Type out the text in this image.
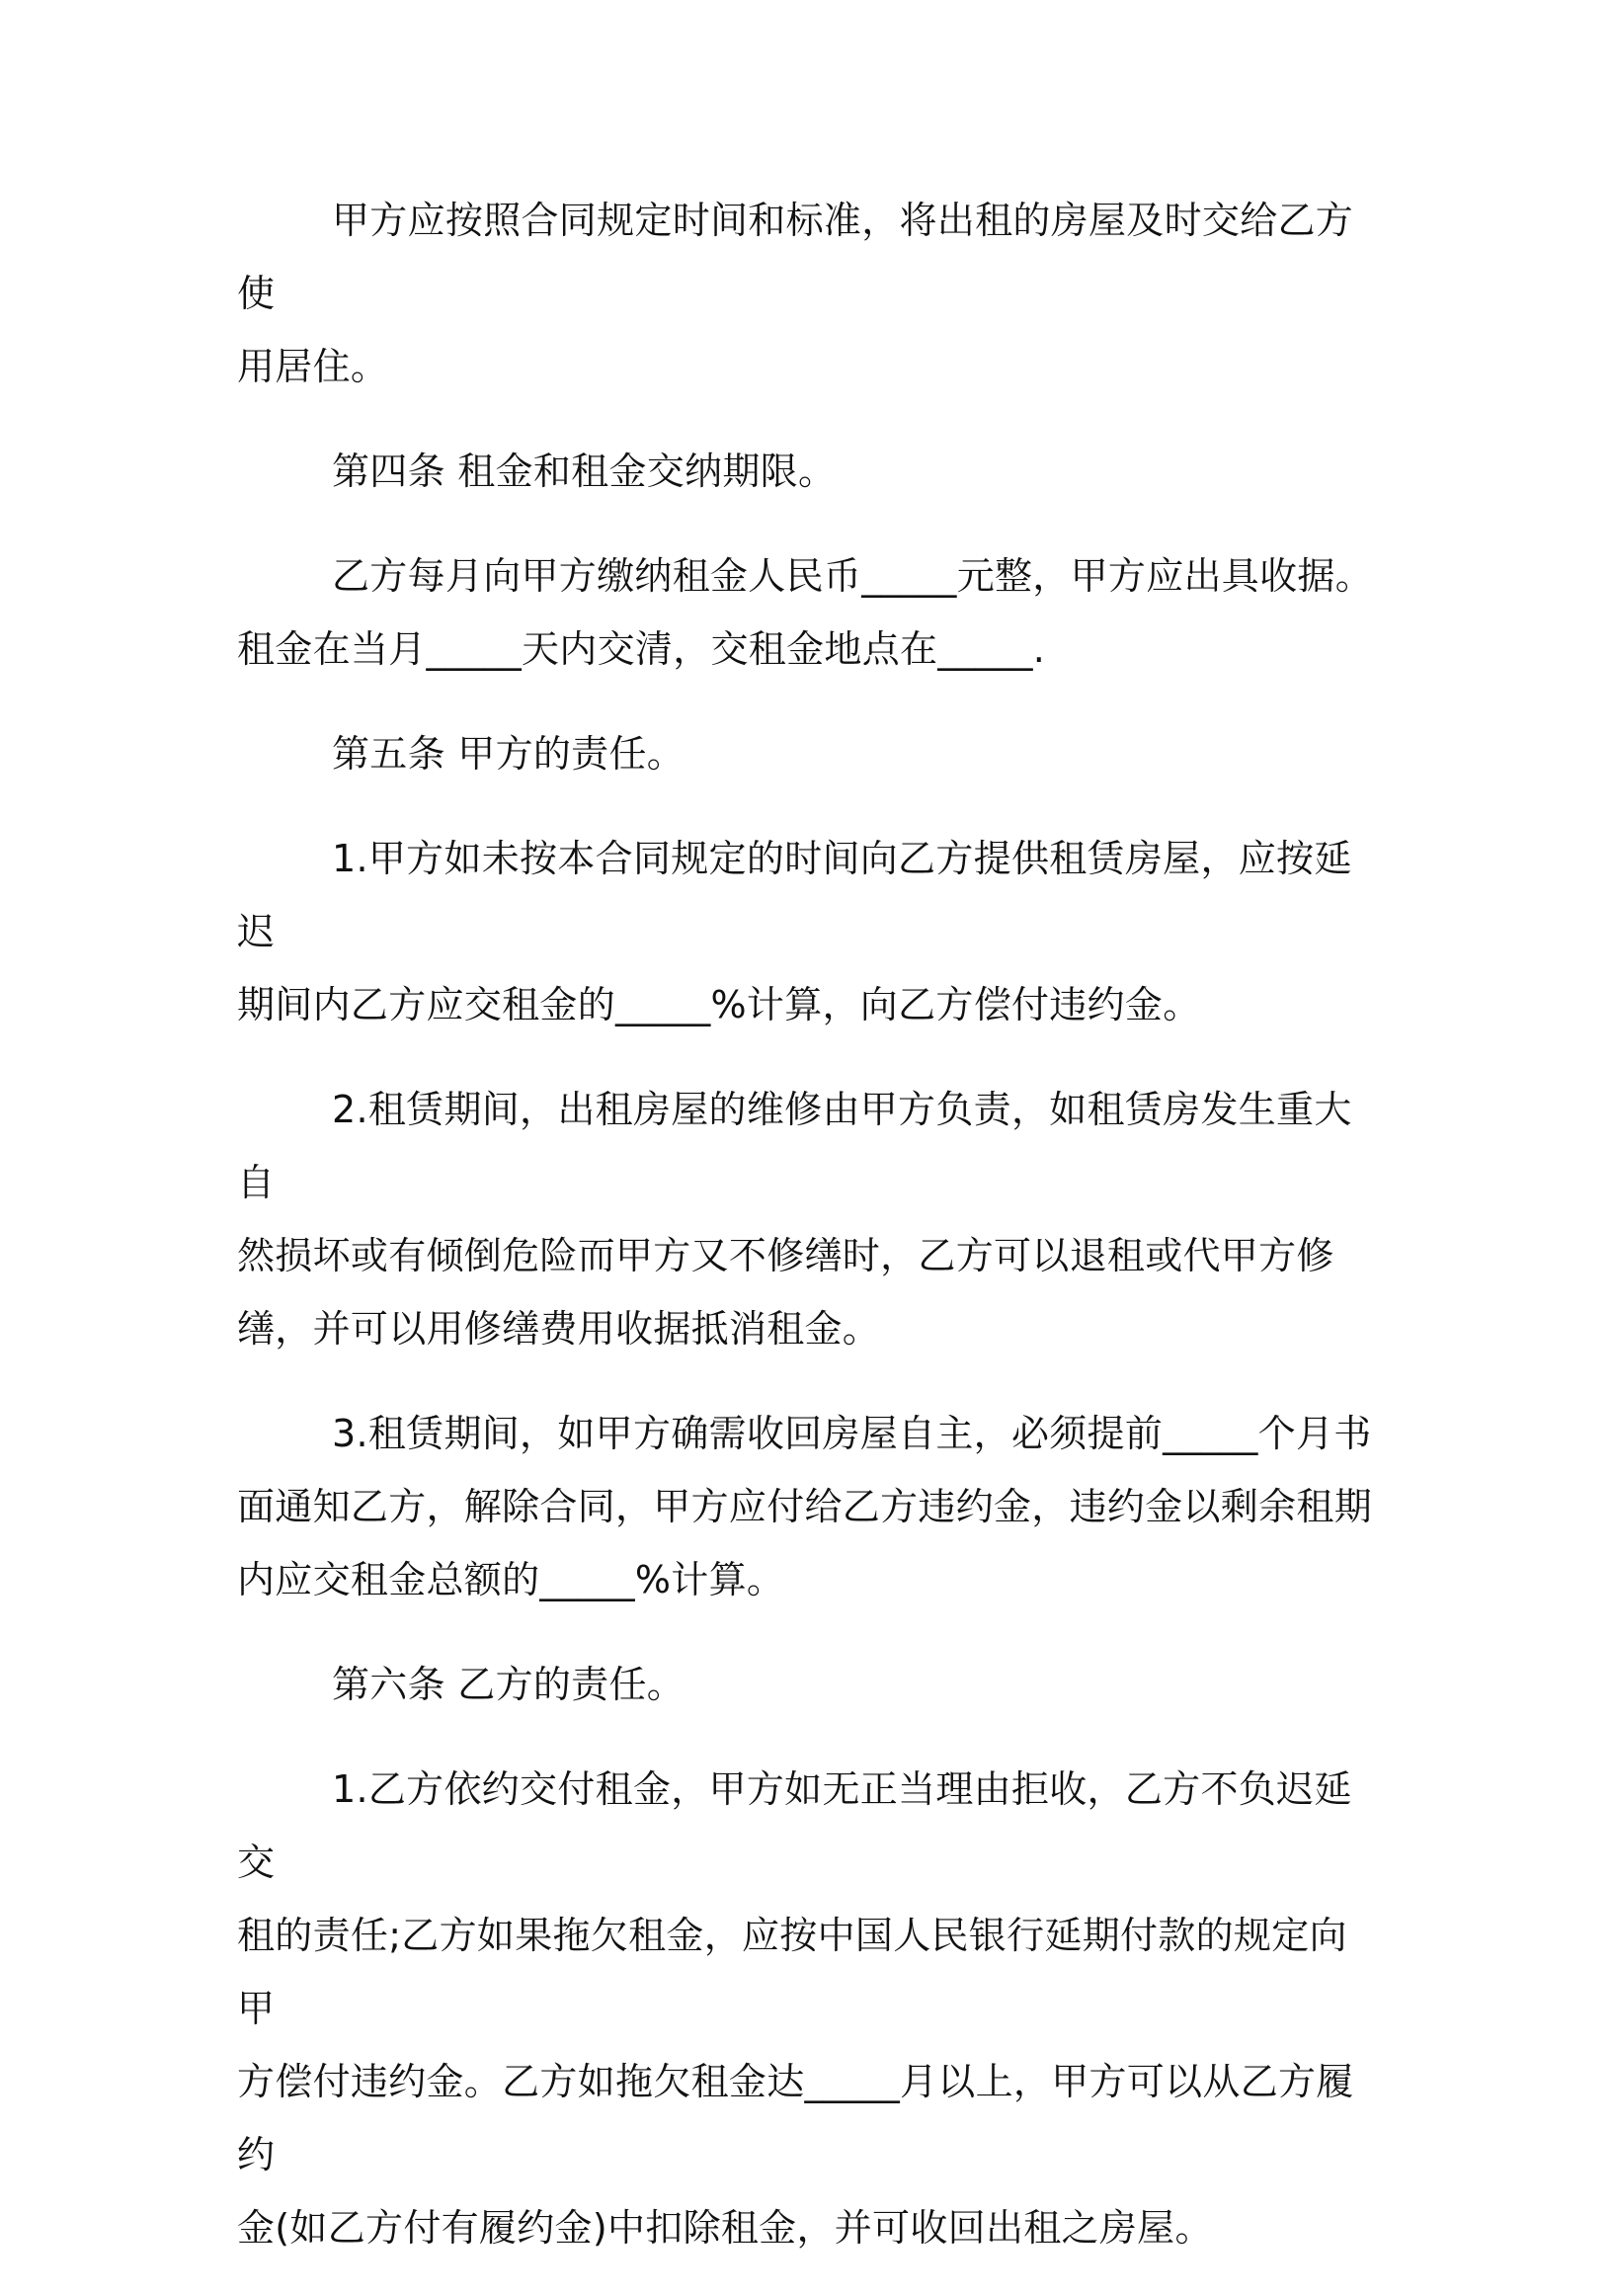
甲方应按照合同规定时间和标准，将出租的房屋及时交给乙方使
用居住。
第四条 租金和租金交纳期限。
乙方每月向甲方缴纳租金人民币_____元整，甲方应出具收据。
租金在当月_____天内交清，交租金地点在_____.
第五条 甲方的责任。
1.甲方如未按本合同规定的时间向乙方提供租赁房屋，应按延迟
期间内乙方应交租金的_____%计算，向乙方偿付违约金。
2.租赁期间，出租房屋的维修由甲方负责，如租赁房发生重大自
然损坏或有倾倒危险而甲方又不修缮时，乙方可以退租或代甲方修
缮，并可以用修缮费用收据抵消租金。
3.租赁期间，如甲方确需收回房屋自主，必须提前_____个月书
面通知乙方，解除合同，甲方应付给乙方违约金，违约金以剩余租期
内应交租金总额的_____%计算。
第六条 乙方的责任。
1.乙方依约交付租金，甲方如无正当理由拒收，乙方不负迟延交
租的责任;乙方如果拖欠租金，应按中国人民银行延期付款的规定向甲
方偿付违约金。乙方如拖欠租金达_____月以上，甲方可以从乙方履约
金(如乙方付有履约金)中扣除租金，并可收回出租之房屋。
